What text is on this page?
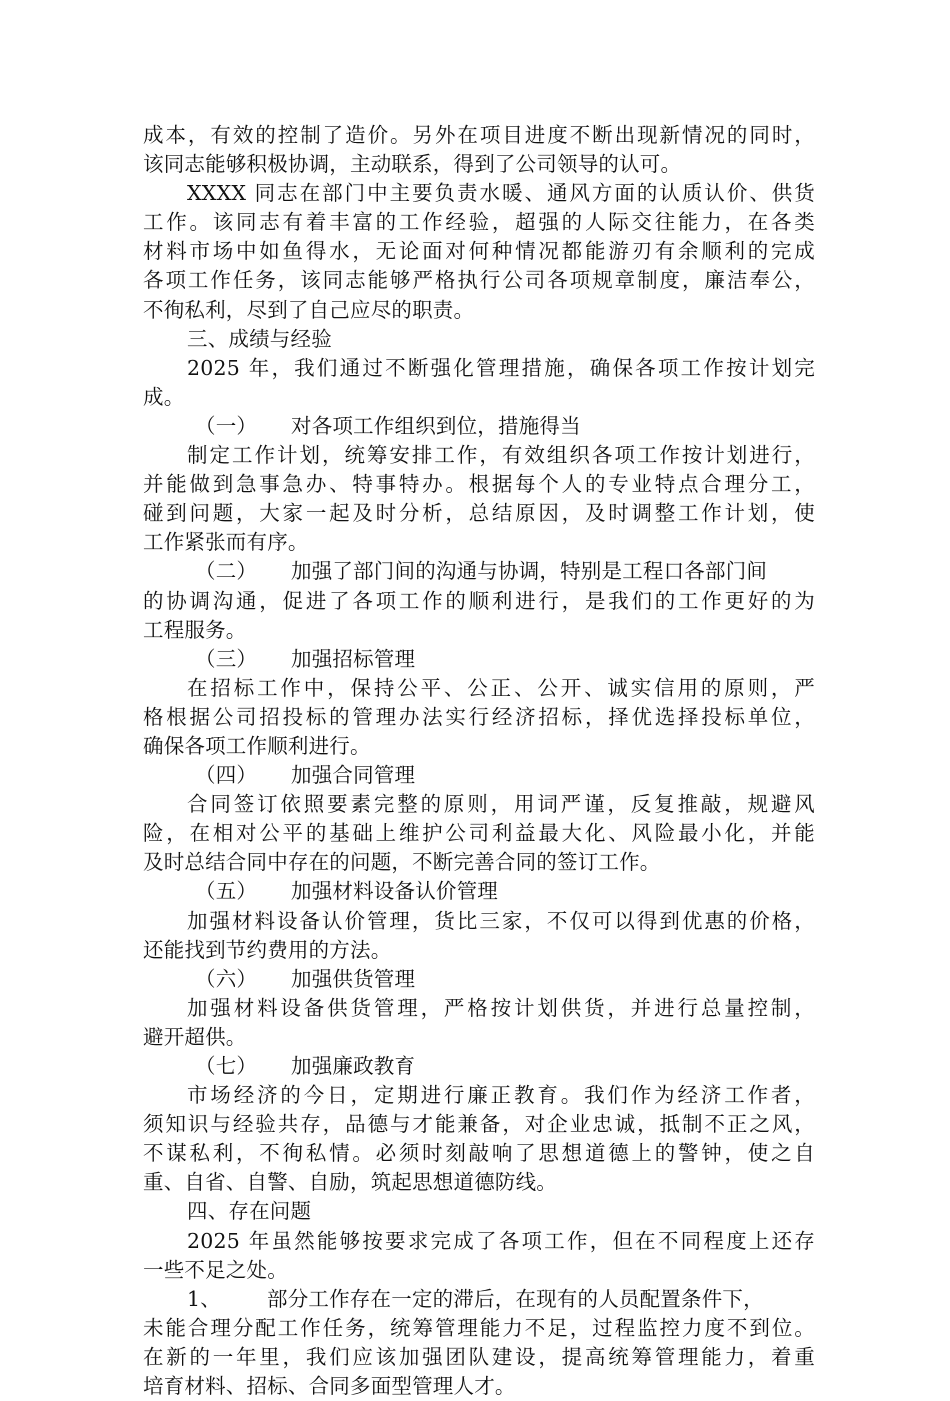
成本，有效的控制了造价。另外在项目进度不断出现新情况的同时，
该同志能够积极协调，主动联系，得到了公司领导的认可。
XXXX 同志在部门中主要负责水暖、通风方面的认质认价、供货
工作。该同志有着丰富的工作经验，超强的人际交往能力，在各类
材料市场中如鱼得水，无论面对何种情况都能游刃有余顺利的完成
各项工作任务，该同志能够严格执行公司各项规章制度，廉洁奉公，
不徇私利，尽到了自己应尽的职责。
三、成绩与经验
2025 年，我们通过不断强化管理措施，确保各项工作按计划完
成。
（一） 对各项工作组织到位，措施得当
制定工作计划，统筹安排工作，有效组织各项工作按计划进行，
并能做到急事急办、特事特办。根据每个人的专业特点合理分工，
碰到问题，大家一起及时分析，总结原因，及时调整工作计划，使
工作紧张而有序。
（二） 加强了部门间的沟通与协调，特别是工程口各部门间
的协调沟通，促进了各项工作的顺利进行，是我们的工作更好的为
工程服务。
（三） 加强招标管理
在招标工作中，保持公平、公正、公开、诚实信用的原则，严
格根据公司招投标的管理办法实行经济招标，择优选择投标单位，
确保各项工作顺利进行。
（四） 加强合同管理
合同签订依照要素完整的原则，用词严谨，反复推敲，规避风
险，在相对公平的基础上维护公司利益最大化、风险最小化，并能
及时总结合同中存在的问题，不断完善合同的签订工作。
（五） 加强材料设备认价管理
加强材料设备认价管理，货比三家，不仅可以得到优惠的价格，
还能找到节约费用的方法。
（六） 加强供货管理
加强材料设备供货管理，严格按计划供货，并进行总量控制，
避开超供。
（七） 加强廉政教育
市场经济的今日，定期进行廉正教育。我们作为经济工作者，
须知识与经验共存，品德与才能兼备，对企业忠诚，抵制不正之风，
不谋私利，不徇私情。必须时刻敲响了思想道德上的警钟，使之自
重、自省、自警、自励，筑起思想道德防线。
四、存在问题
2025 年虽然能够按要求完成了各项工作，但在不同程度上还存
一些不足之处。
1、 部分工作存在一定的滞后，在现有的人员配置条件下，
未能合理分配工作任务，统筹管理能力不足，过程监控力度不到位。
在新的一年里，我们应该加强团队建设，提高统筹管理能力，着重
培育材料、招标、合同多面型管理人才。
